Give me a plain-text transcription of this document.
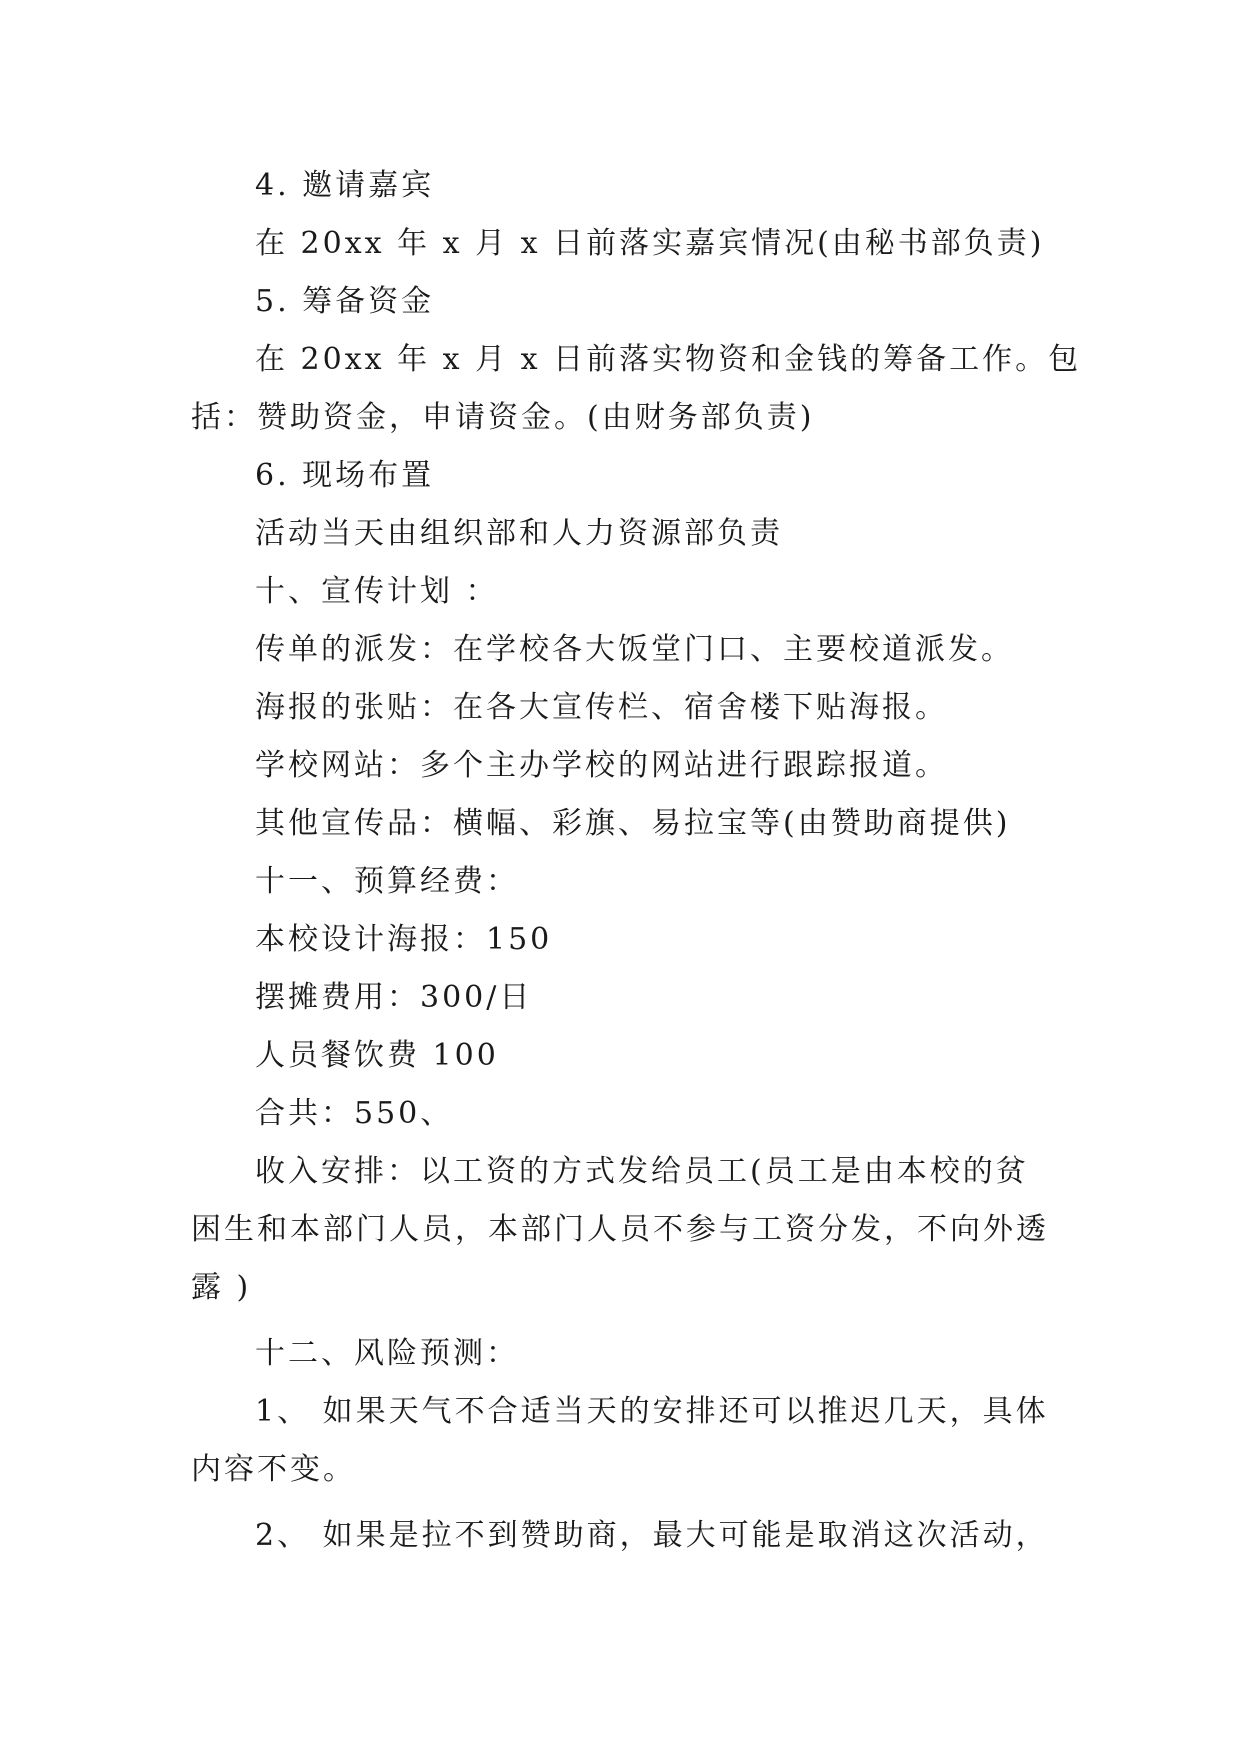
4. 邀请嘉宾

在 20xx 年 x 月 x 日前落实嘉宾情况(由秘书部负责)

5. 筹备资金

在 20xx 年 x 月 x 日前落实物资和金钱的筹备工作。包

括：赞助资金，申请资金。(由财务部负责)

6. 现场布置

活动当天由组织部和人力资源部负责

十、宣传计划 ：

传单的派发：在学校各大饭堂门口、主要校道派发。

海报的张贴：在各大宣传栏、宿舍楼下贴海报。

学校网站：多个主办学校的网站进行跟踪报道。

其他宣传品：横幅、彩旗、易拉宝等(由赞助商提供)

十一、预算经费：

本校设计海报：150

摆摊费用：300/日

人员餐饮费 100

合共：550、

收入安排：以工资的方式发给员工(员工是由本校的贫

困生和本部门人员，本部门人员不参与工资分发，不向外透

露 )

十二、风险预测：

1、 如果天气不合适当天的安排还可以推迟几天，具体

内容不变。

2、 如果是拉不到赞助商，最大可能是取消这次活动，
